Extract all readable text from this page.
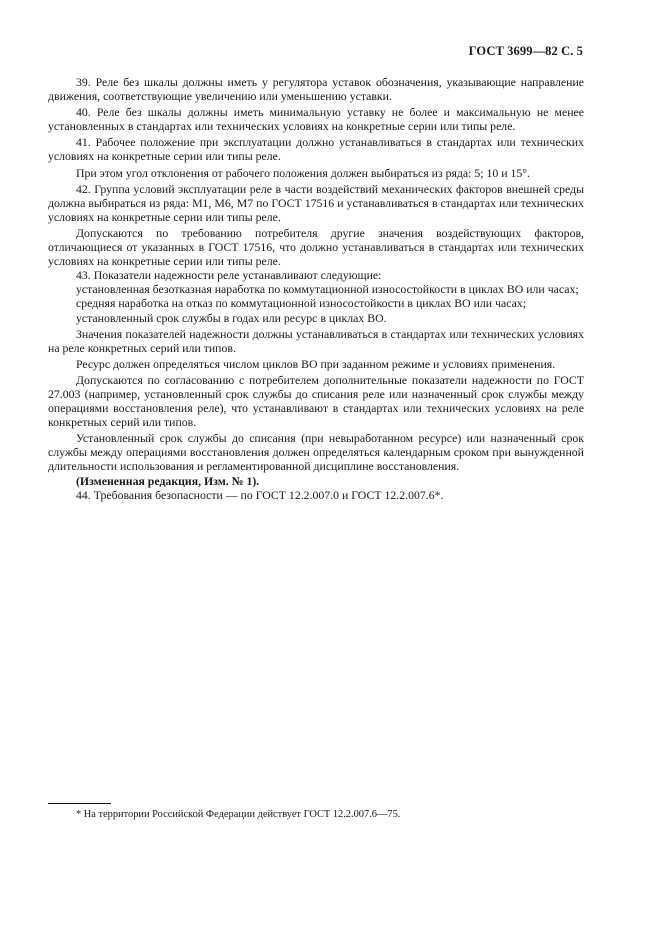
ГОСТ 3699—82 С. 5

39. Реле без шкалы должны иметь у регулятора уставок обозначения, указывающие направление движения, соответствующие увеличению или уменьшению уставки.

40. Реле без шкалы должны иметь минимальную уставку не более и максимальную не менее установленных в стандартах или технических условиях на конкретные серии или типы реле.

41. Рабочее положение при эксплуатации должно устанавливаться в стандартах или технических условиях на конкретные серии или типы реле.

При этом угол отклонения от рабочего положения должен выбираться из ряда: 5; 10 и 15°.

42. Группа условий эксплуатации реле в части воздействий механических факторов внешней среды должна выбираться из ряда: М1, М6, М7 по ГОСТ 17516 и устанавливаться в стандартах или технических условиях на конкретные серии или типы реле.

Допускаются по требованию потребителя другие значения воздействующих факторов, отличающиеся от указанных в ГОСТ 17516, что должно устанавливаться в стандартах или технических условиях на конкретные серии или типы реле.

43. Показатели надежности реле устанавливают следующие:

установленная безотказная наработка по коммутационной износостойкости в циклах ВО или часах;

средняя наработка на отказ по коммутационной износостойкости в циклах ВО или часах;

установленный срок службы в годах или ресурс в циклах ВО.

Значения показателей надежности должны устанавливаться в стандартах или технических условиях на реле конкретных серий или типов.

Ресурс должен определяться числом циклов ВО при заданном режиме и условиях применения.

Допускаются по согласованию с потребителем дополнительные показатели надежности по ГОСТ 27.003 (например, установленный срок службы до списания реле или назначенный срок службы между операциями восстановления реле), что устанавливают в стандартах или технических условиях на реле конкретных серий или типов.

Установленный срок службы до списания (при невыработанном ресурсе) или назначенный срок службы между операциями восстановления должен определяться календарным сроком при вынужденной длительности использования и регламентированной дисциплине восстановления.

(Измененная редакция, Изм. № 1).

44. Требования безопасности — по ГОСТ 12.2.007.0 и ГОСТ 12.2.007.6*.

* На территории Российской Федерации действует ГОСТ 12.2.007.6—75.
